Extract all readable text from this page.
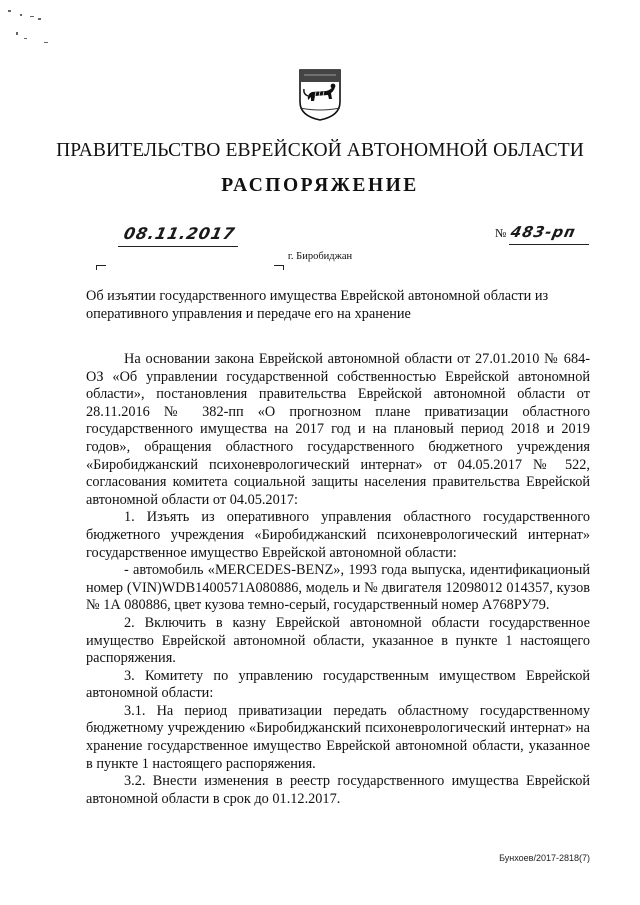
ПРАВИТЕЛЬСТВО ЕВРЕЙСКОЙ АВТОНОМНОЙ ОБЛАСТИ
РАСПОРЯЖЕНИЕ
08.11.2017	№ 483-рп
г. Биробиджан
Об изъятии государственного имущества Еврейской автономной области из оперативного управления и передаче его на хранение

На основании закона Еврейской автономной области от 27.01.2010 № 684-ОЗ «Об управлении государственной собственностью Еврейской автономной области», постановления правительства Еврейской автономной области от 28.11.2016 № 382-пп «О прогнозном плане приватизации областного государственного имущества на 2017 год и на плановый период 2018 и 2019 годов», обращения областного государственного бюджетного учреждения «Биробиджанский психоневрологический интернат» от 04.05.2017 № 522, согласования комитета социальной защиты населения правительства Еврейской автономной области от 04.05.2017:

1. Изъять из оперативного управления областного государственного бюджетного учреждения «Биробиджанский психоневрологический интернат» государственное имущество Еврейской автономной области:

- автомобиль «MERCEDES-BENZ», 1993 года выпуска, идентификационый номер (VIN)WDB1400571A080886, модель и № двигателя 12098012 014357, кузов № 1А 080886, цвет кузова темно-серый, государственный номер А768РУ79.

2. Включить в казну Еврейской автономной области государственное имущество Еврейской автономной области, указанное в пункте 1 настоящего распоряжения.

3. Комитету по управлению государственным имуществом Еврейской автономной области:

3.1. На период приватизации передать областному государственному бюджетному учреждению «Биробиджанский психоневрологический интернат» на хранение государственное имущество Еврейской автономной области, указанное в пункте 1 настоящего распоряжения.

3.2. Внести изменения в реестр государственного имущества Еврейской автономной области в срок до 01.12.2017.

Бунхоев/2017-2818(7)
